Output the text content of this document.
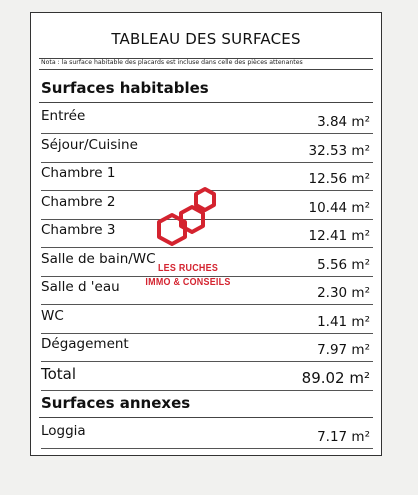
TABLEAU DES SURFACES
Nota : la surface habitable des placards est incluse dans celle des pièces attenantes
Surfaces habitables
Entrée	3.84 m²
Séjour/Cuisine	32.53 m²
Chambre 1	12.56 m²
Chambre 2	10.44 m²
Chambre 3	12.41 m²
Salle de bain/WC	5.56 m²
Salle d 'eau	2.30 m²
WC	1.41 m²
Dégagement	7.97 m²
Total	89.02 m²
Surfaces annexes
Loggia	7.17 m²
LES RUCHES
IMMO & CONSEILS
